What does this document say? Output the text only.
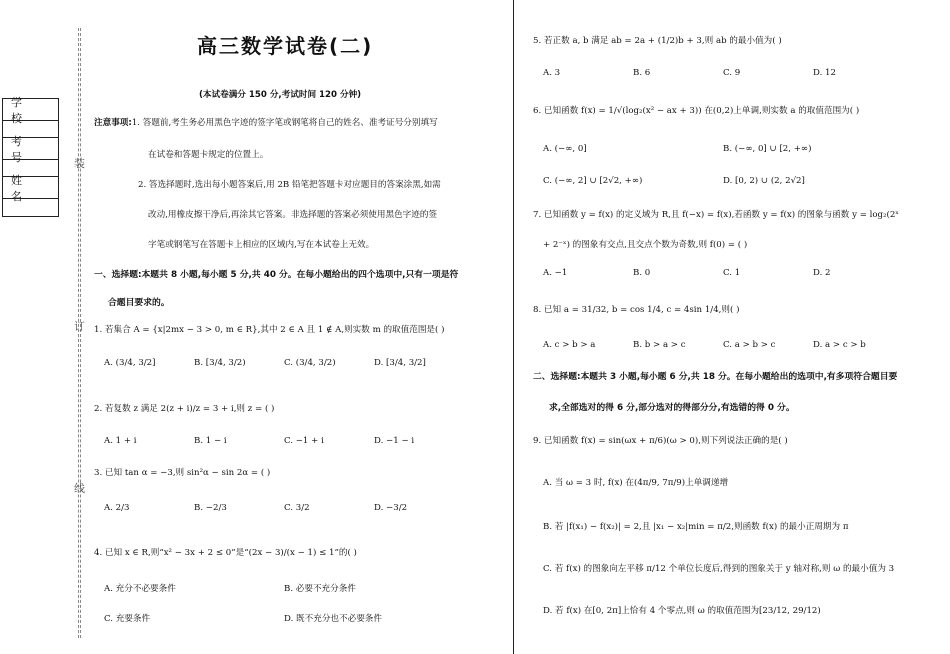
学 校
考 号
姓 名
装
订
线
高三数学试卷(二)
(本试卷满分 150 分,考试时间 120 分钟)
注意事项:1. 答题前,考生务必用黑色字迹的签字笔或钢笔将自己的姓名、准考证号分别填写
在试卷和答题卡规定的位置上。
2. 答选择题时,选出每小题答案后,用 2B 铅笔把答题卡对应题目的答案涂黑,如需
改动,用橡皮擦干净后,再涂其它答案。非选择题的答案必须使用黑色字迹的签
字笔或钢笔写在答题卡上相应的区域内,写在本试卷上无效。
一、选择题:本题共 8 小题,每小题 5 分,共 40 分。在每小题给出的四个选项中,只有一项是符
合题目要求的。
1. 若集合 A = {x|2mx − 3 > 0, m ∈ R},其中 2 ∈ A 且 1 ∉ A,则实数 m 的取值范围是( )
A. (3/4, 3/2]	B. [3/4, 3/2)	C. (3/4, 3/2)	D. [3/4, 3/2]
2. 若复数 z 满足 2(z + i)/z = 3 + i,则 z = ( )
A. 1 + i	B. 1 − i	C. −1 + i	D. −1 − i
3. 已知 tan α = −3,则 sin²α − sin 2α = ( )
A. 2/3	B. −2/3	C. 3/2	D. −3/2
4. 已知 x ∈ R,则“x² − 3x + 2 ≤ 0”是“(2x − 3)/(x − 1) ≤ 1”的( )
A. 充分不必要条件	B. 必要不充分条件
C. 充要条件	D. 既不充分也不必要条件
5. 若正数 a, b 满足 ab = 2a + (1/2)b + 3,则 ab 的最小值为( )
A. 3	B. 6	C. 9	D. 12
6. 已知函数 f(x) = 1/√(log₂(x² − ax + 3)) 在(0,2)上单调,则实数 a 的取值范围为( )
A. (−∞, 0]	B. (−∞, 0] ∪ [2, +∞)
C. (−∞, 2] ∪ [2√2, +∞)	D. [0, 2) ∪ (2, 2√2]
7. 已知函数 y = f(x) 的定义域为 R,且 f(−x) = f(x),若函数 y = f(x) 的图象与函数 y = log₂(2ˣ
+ 2⁻ˣ) 的图象有交点,且交点个数为奇数,则 f(0) = ( )
A. −1	B. 0	C. 1	D. 2
8. 已知 a = 31/32, b = cos 1/4, c = 4sin 1/4,则( )
A. c > b > a	B. b > a > c	C. a > b > c	D. a > c > b
二、选择题:本题共 3 小题,每小题 6 分,共 18 分。在每小题给出的选项中,有多项符合题目要
求,全部选对的得 6 分,部分选对的得部分分,有选错的得 0 分。
9. 已知函数 f(x) = sin(ωx + π/6)(ω > 0),则下列说法正确的是( )
A. 当 ω = 3 时, f(x) 在(4π/9, 7π/9)上单调递增
B. 若 |f(x₁) − f(x₂)| = 2,且 |x₁ − x₂|min = π/2,则函数 f(x) 的最小正周期为 π
C. 若 f(x) 的图象向左平移 π/12 个单位长度后,得到的图象关于 y 轴对称,则 ω 的最小值为 3
D. 若 f(x) 在[0, 2π]上恰有 4 个零点,则 ω 的取值范围为[23/12, 29/12)
